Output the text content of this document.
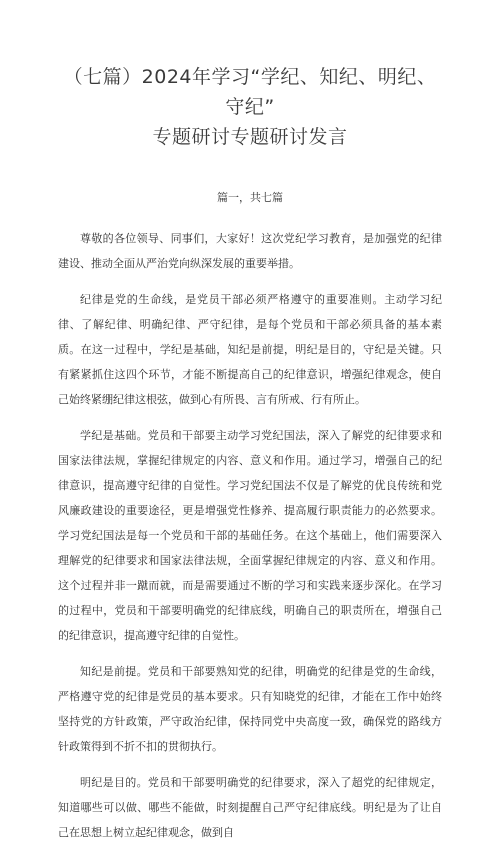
（七篇）2024年学习“学纪、知纪、明纪、守纪”
专题研讨专题研讨发言

篇一，共七篇

尊敬的各位领导、同事们，大家好！这次党纪学习教育，是加强党的纪律建设、推动全面从严治党向纵深发展的重要举措。

纪律是党的生命线，是党员干部必须严格遵守的重要准则。主动学习纪律、了解纪律、明确纪律、严守纪律，是每个党员和干部必须具备的基本素质。在这一过程中，学纪是基础，知纪是前提，明纪是目的，守纪是关键。只有紧紧抓住这四个环节，才能不断提高自己的纪律意识，增强纪律观念，使自己始终紧绷纪律这根弦，做到心有所畏、言有所戒、行有所止。

学纪是基础。党员和干部要主动学习党纪国法，深入了解党的纪律要求和国家法律法规，掌握纪律规定的内容、意义和作用。通过学习，增强自己的纪律意识，提高遵守纪律的自觉性。学习党纪国法不仅是了解党的优良传统和党风廉政建设的重要途径，更是增强党性修养、提高履行职责能力的必然要求。学习党纪国法是每一个党员和干部的基础任务。在这个基础上，他们需要深入理解党的纪律要求和国家法律法规，全面掌握纪律规定的内容、意义和作用。这个过程并非一蹴而就，而是需要通过不断的学习和实践来逐步深化。在学习的过程中，党员和干部要明确党的纪律底线，明确自己的职责所在，增强自己的纪律意识，提高遵守纪律的自觉性。

知纪是前提。党员和干部要熟知党的纪律，明确党的纪律是党的生命线，严格遵守党的纪律是党员的基本要求。只有知晓党的纪律，才能在工作中始终坚持党的方针政策，严守政治纪律，保持同党中央高度一致，确保党的路线方针政策得到不折不扣的贯彻执行。

明纪是目的。党员和干部要明确党的纪律要求，深入了超党的纪律规定，知道哪些可以做、哪些不能做，时刻提醒自己严守纪律底线。明纪是为了让自己在思想上树立起纪律观念，做到自
